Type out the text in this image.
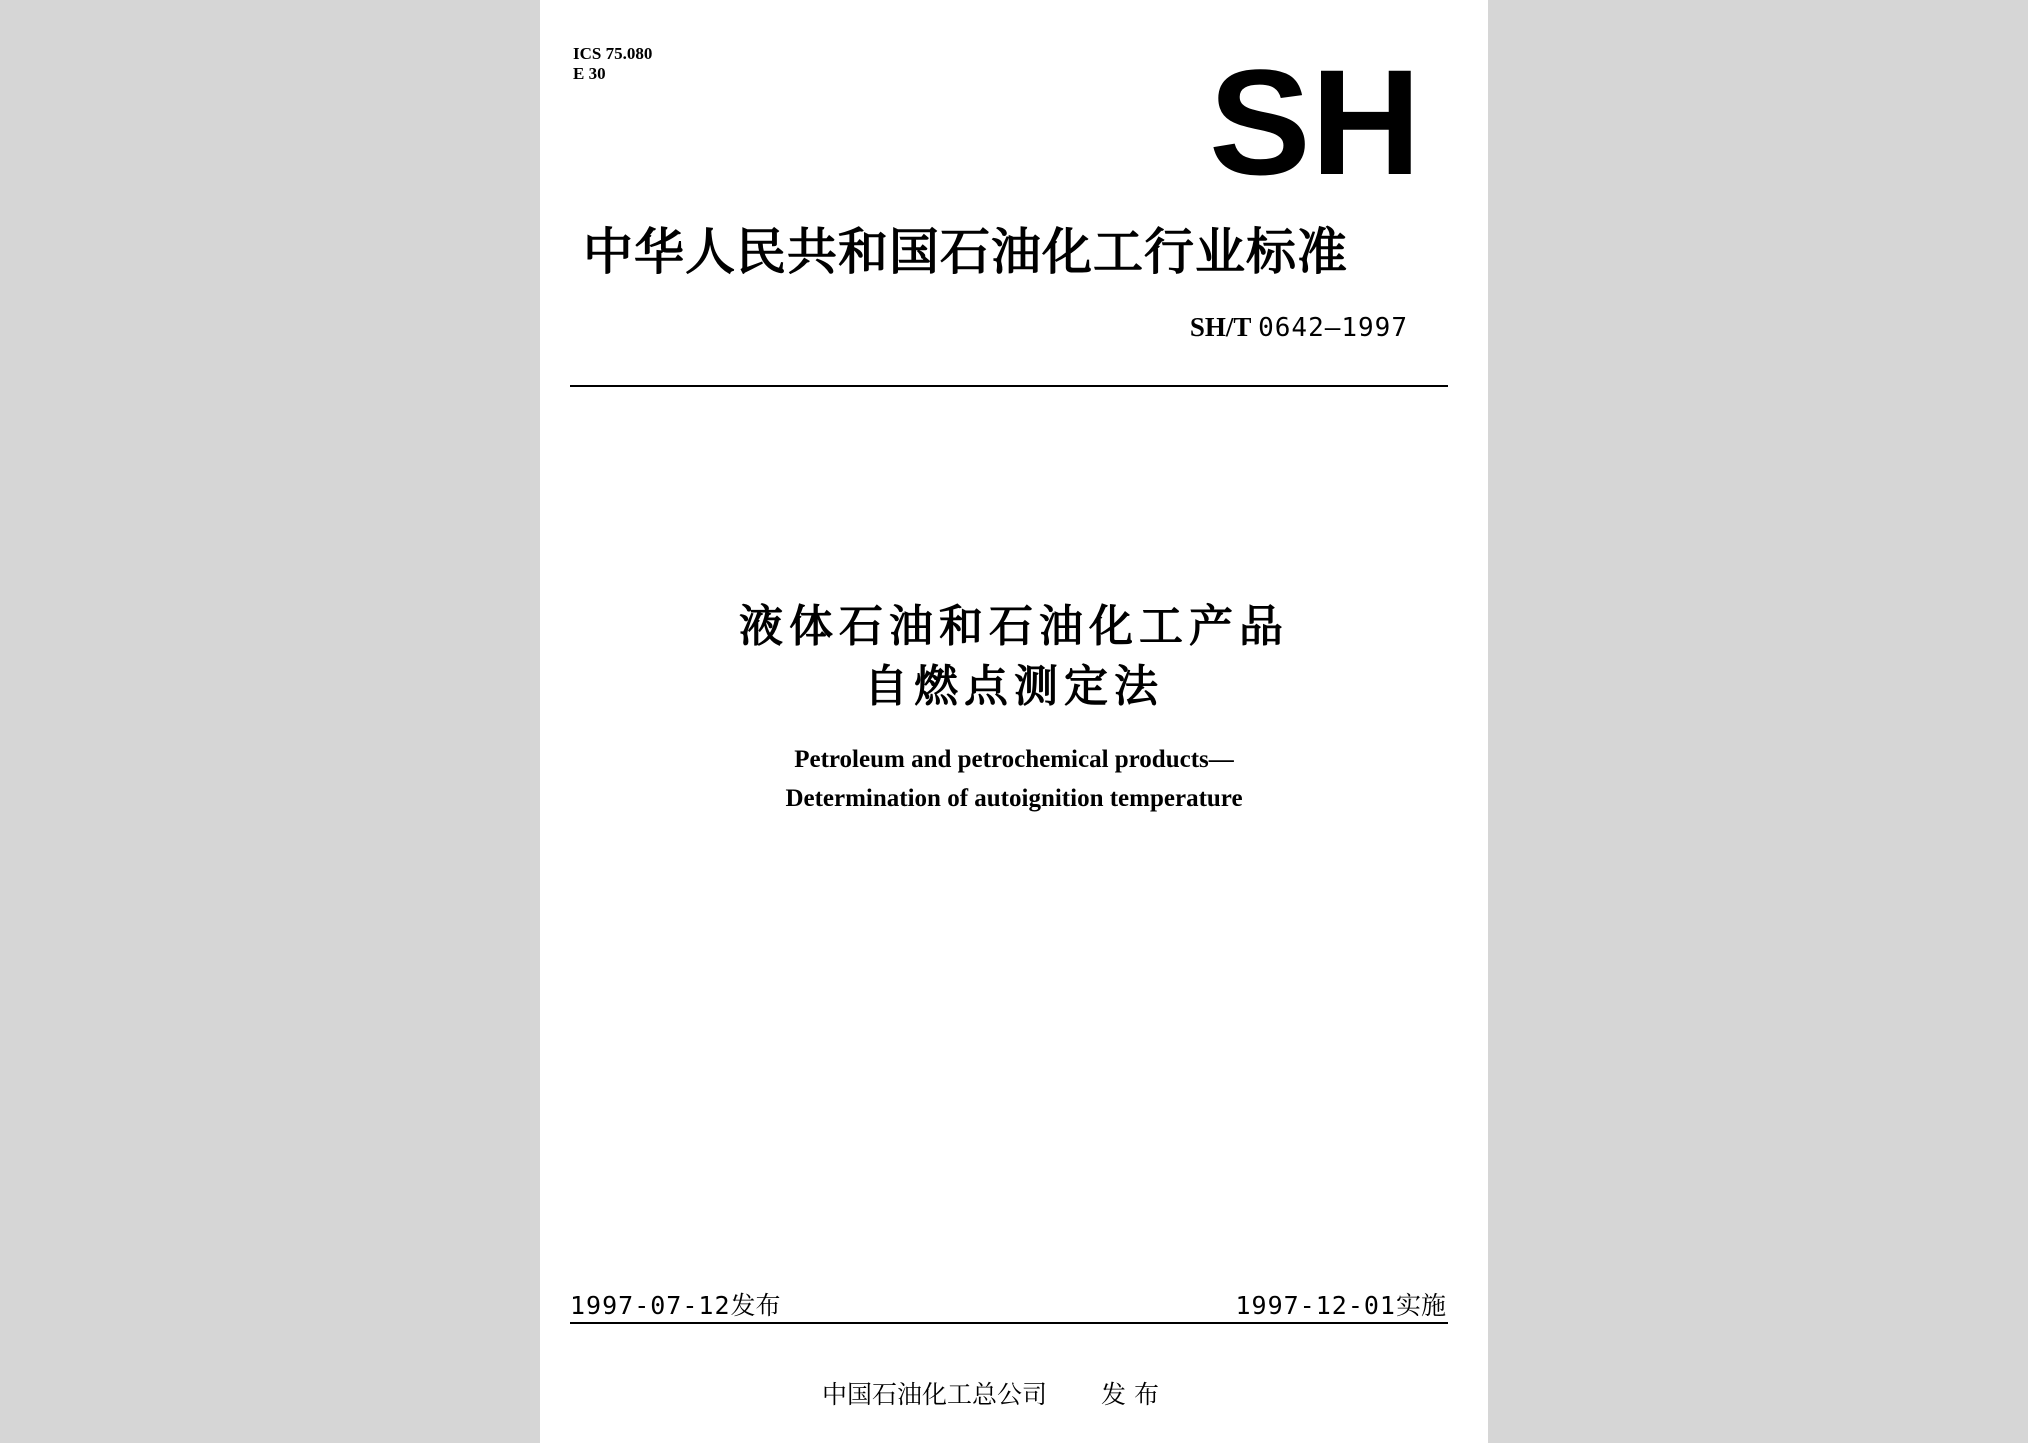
ICS 75.080
E 30	SH
中华人民共和国石油化工行业标准
SH/T 0642—1997
液体石油和石油化工产品
自燃点测定法
Petroleum and petrochemical products—
Determination of autoignition temperature
1997-07-12发布	1997-12-01实施
中国石油化工总公司 发布
